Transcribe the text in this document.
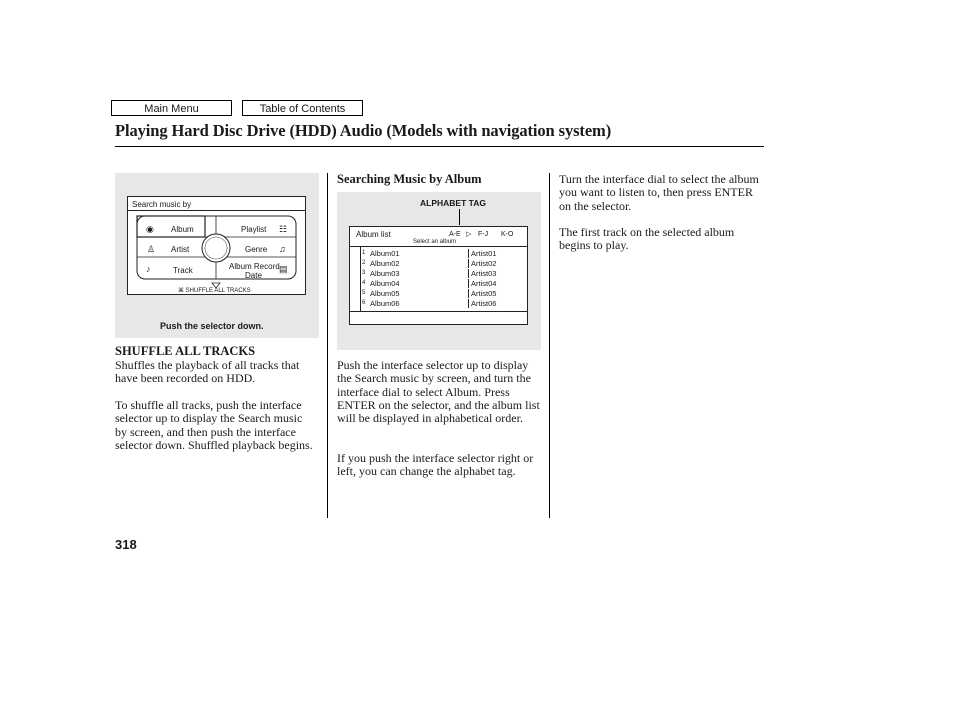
Main Menu	Table of Contents
Playing Hard Disc Drive (HDD) Audio (Models with navigation system)
Search music by
◉
♙
♪
☷
♫
▤
Album	Playlist
Artist	Genre
Track	Album Record
Date
⌘ SHUFFLE ALL TRACKS
Push the selector down.
ALPHABET TAG
Album list
Select an album
A-E ▷ F-J K-O
1 Album01	Artist01
2 Album02	Artist02
3 Album03	Artist03
4 Album04	Artist04
5 Album05	Artist05
6 Album06	Artist06
SHUFFLE ALL TRACKS

Shuffles the playback of all tracks that have been recorded on HDD.

To shuffle all tracks, push the interface selector up to display the Search music by screen, and then push the interface selector down. Shuffled playback begins.

Searching Music by Album

Push the interface selector up to display the Search music by screen, and turn the interface dial to select Album. Press ENTER on the selector, and the album list will be displayed in alphabetical order.

If you push the interface selector right or left, you can change the alphabet tag.

Turn the interface dial to select the album you want to listen to, then press ENTER on the selector.

The first track on the selected album begins to play.

318
